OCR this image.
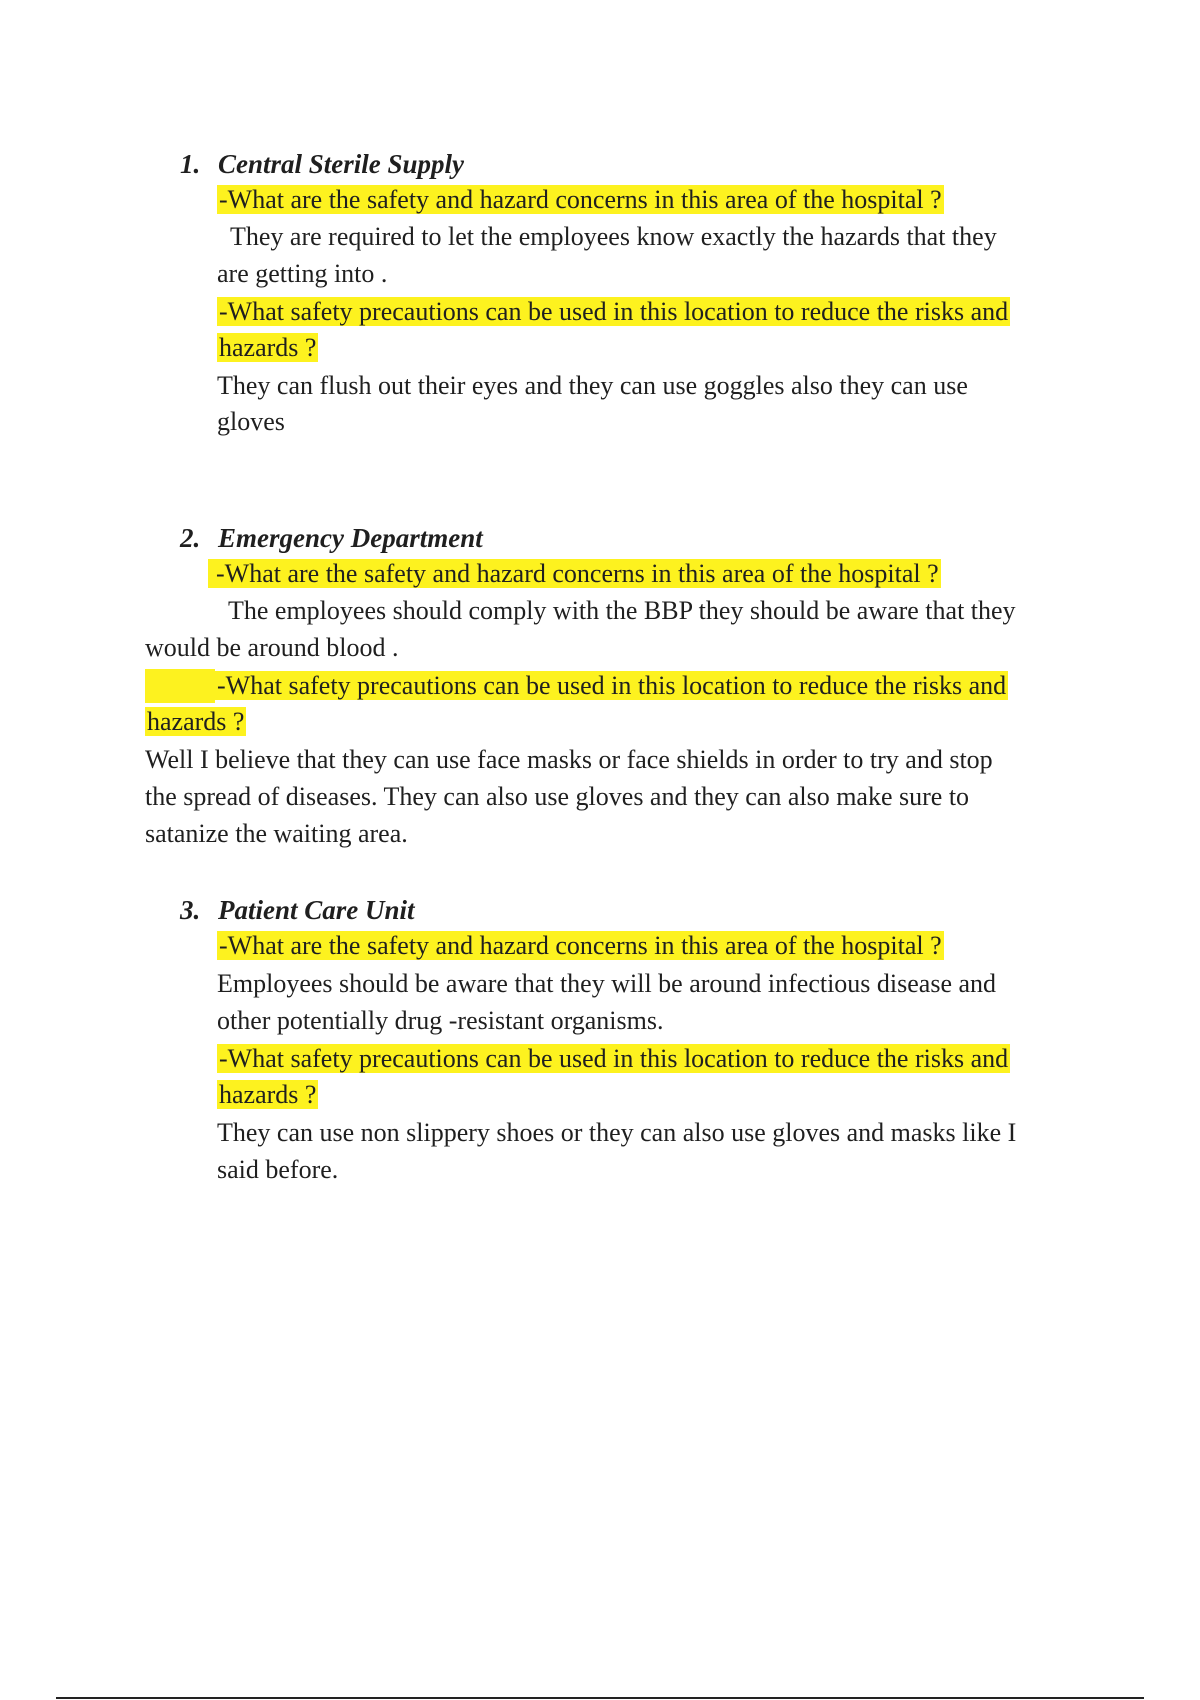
1. Central Sterile Supply
-What are the safety and hazard concerns in this area of the hospital ?
They are required to let the employees know exactly the hazards that they
are getting into .
-What safety precautions can be used in this location to reduce the risks and
hazards ?
They can flush out their eyes and they can use goggles also they can use
gloves
2. Emergency Department
-What are the safety and hazard concerns in this area of the hospital ?
The employees should comply with the BBP they should be aware that they
would be around blood .
-What safety precautions can be used in this location to reduce the risks and
hazards ?
Well I believe that they can use face masks or face shields in order to try and stop
the spread of diseases. They can also use gloves and they can also make sure to
satanize the waiting area.
3. Patient Care Unit
-What are the safety and hazard concerns in this area of the hospital ?
Employees should be aware that they will be around infectious disease and
other potentially drug -resistant organisms.
-What safety precautions can be used in this location to reduce the risks and
hazards ?
They can use non slippery shoes or they can also use gloves and masks like I
said before.
